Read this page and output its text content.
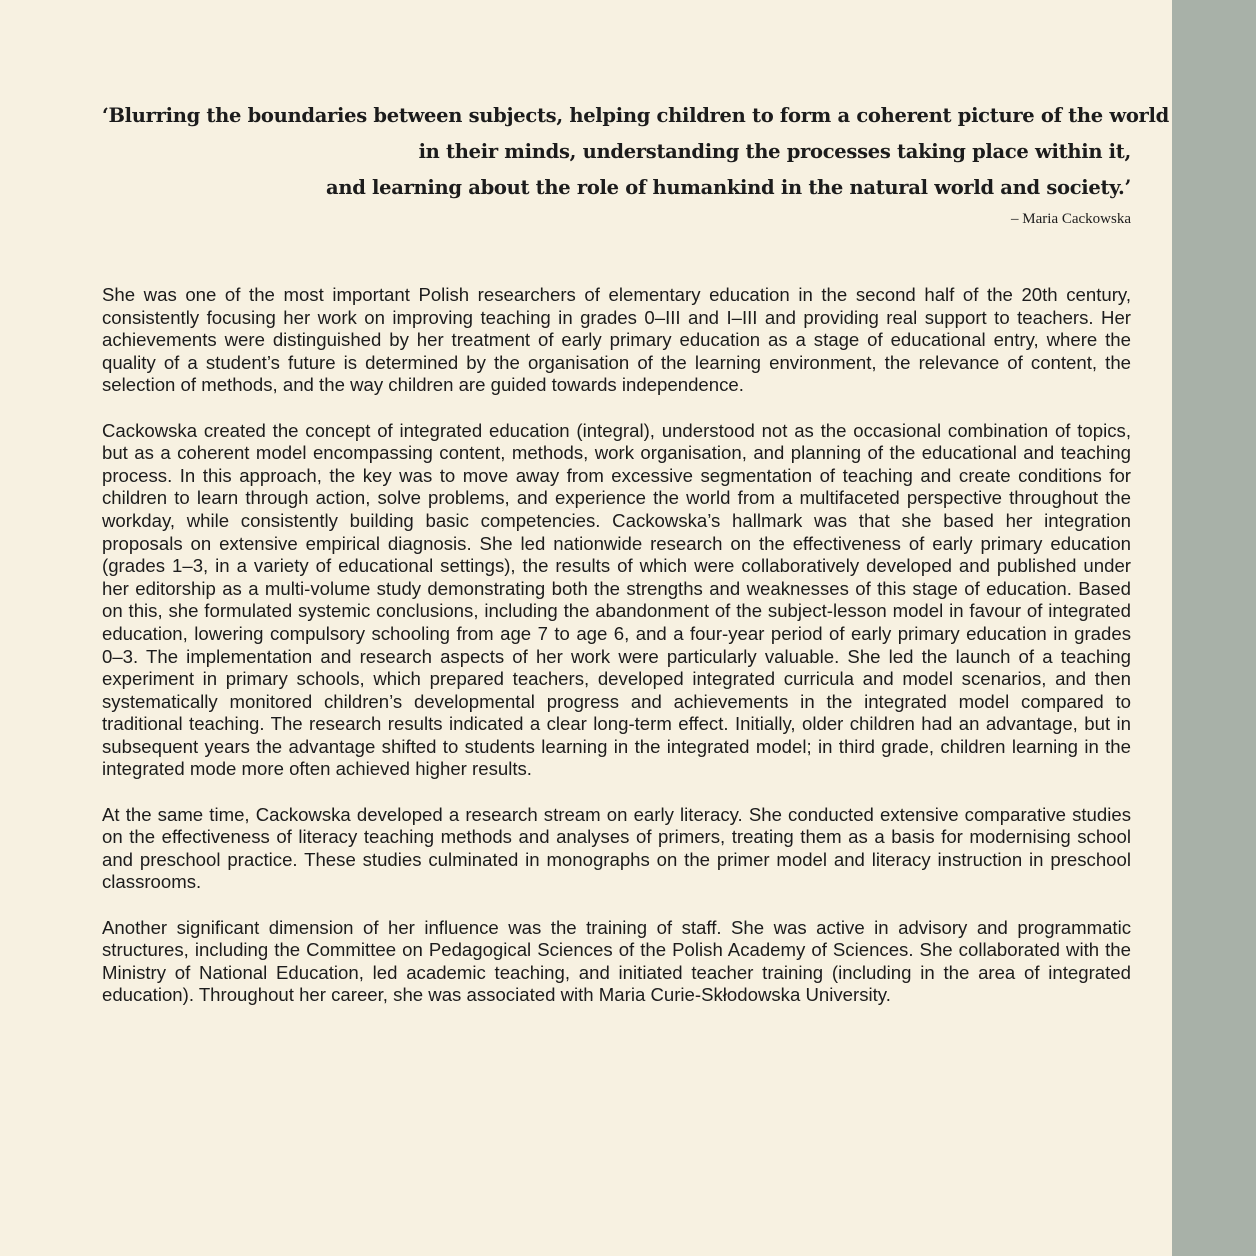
‘Blurring the boundaries between subjects, helping children to form a coherent picture of the world
in their minds, understanding the processes taking place within it,
and learning about the role of humankind in the natural world and society.’
– Maria Cackowska

She was one of the most important Polish researchers of elementary education in the second half of the 20th century, consistently focusing her work on improving teaching in grades 0–III and I–III and providing real support to teachers. Her achievements were distinguished by her treatment of early primary education as a stage of educational entry, where the quality of a student’s future is determined by the organisation of the learning environment, the relevance of content, the selection of methods, and the way children are guided towards independence.

Cackowska created the concept of integrated education (integral), understood not as the occasional combination of topics, but as a coherent model encompassing content, methods, work organisation, and planning of the educational and teaching process. In this approach, the key was to move away from excessive segmentation of teaching and create conditions for children to learn through action, solve problems, and experience the world from a multifaceted perspective throughout the workday, while consistently building basic competencies. Cackowska’s hallmark was that she based her integration proposals on extensive empirical diagnosis. She led nationwide research on the effectiveness of early primary education (grades 1–3, in a variety of educational settings), the results of which were collaboratively developed and published under her editorship as a multi-volume study demonstrating both the strengths and weaknesses of this stage of education. Based on this, she formulated systemic conclusions, including the abandonment of the subject-lesson model in favour of integrated education, lowering compulsory schooling from age 7 to age 6, and a four-year period of early primary education in grades 0–3. The implementation and research aspects of her work were particularly valuable. She led the launch of a teaching experiment in primary schools, which prepared teachers, developed integrated curricula and model scenarios, and then systematically monitored children’s developmental progress and achievements in the integrated model compared to traditional teaching. The research results indicated a clear long-term effect. Initially, older children had an advantage, but in subsequent years the advantage shifted to students learning in the integrated model; in third grade, children learning in the integrated mode more often achieved higher results.

At the same time, Cackowska developed a research stream on early literacy. She conducted extensive comparative studies on the effectiveness of literacy teaching methods and analyses of primers, treating them as a basis for modernising school and preschool practice. These studies culminated in monographs on the primer model and literacy instruction in preschool classrooms.

Another significant dimension of her influence was the training of staff. She was active in advisory and programmatic structures, including the Committee on Pedagogical Sciences of the Polish Academy of Sciences. She collaborated with the Ministry of National Education, led academic teaching, and initiated teacher training (including in the area of integrated education). Throughout her career, she was associated with Maria Curie-Skłodowska University.
